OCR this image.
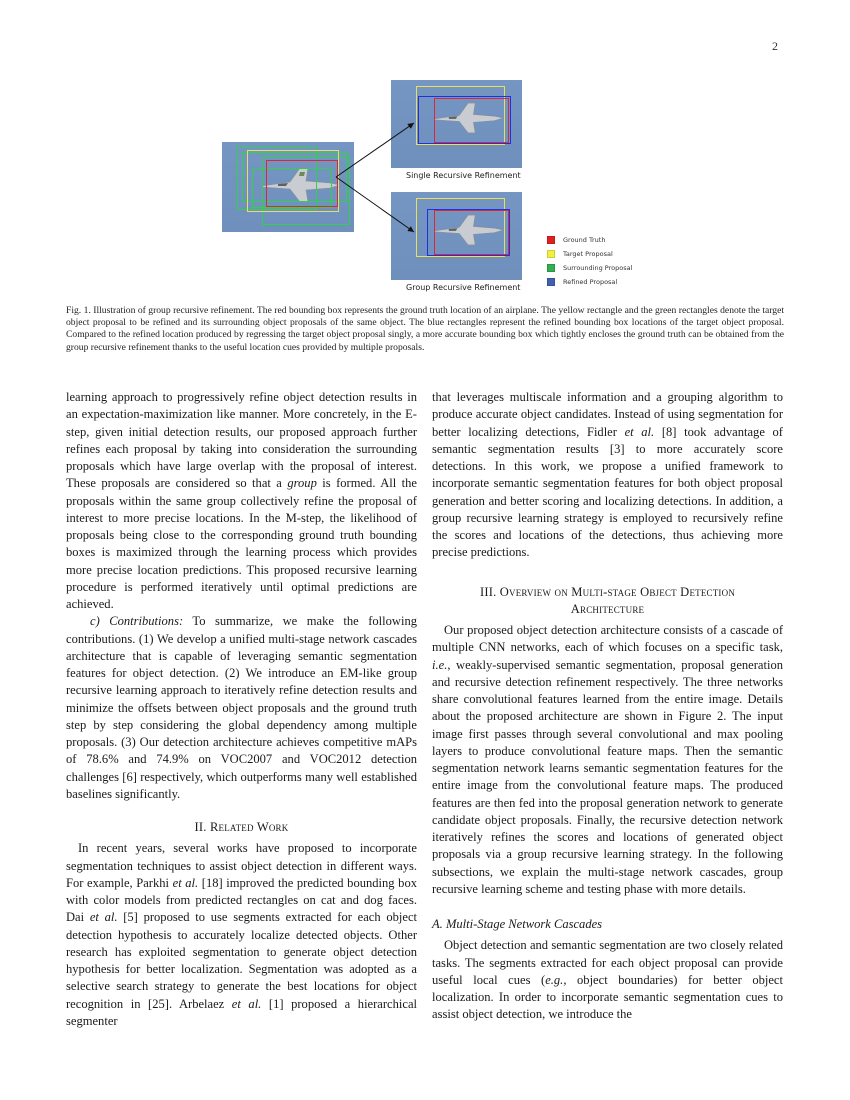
2
Single Recursive Refinement
Group Recursive Refinement
Ground Truth
Target Proposal
Surrounding Proposal
Refined Proposal
Fig. 1. Illustration of group recursive refinement. The red bounding box represents the ground truth location of an airplane. The yellow rectangle and the green rectangles denote the target object proposal to be refined and its surrounding object proposals of the same object. The blue rectangles represent the refined bounding box locations of the target object proposal. Compared to the refined location produced by regressing the target object proposal singly, a more accurate bounding box which tightly encloses the ground truth can be obtained from the group recursive refinement thanks to the useful location cues provided by multiple proposals.

learning approach to progressively refine object detection results in an expectation-maximization like manner. More concretely, in the E-step, given initial detection results, our proposed approach further refines each proposal by taking into consideration the surrounding proposals which have large overlap with the proposal of interest. These proposals are considered so that a group is formed. All the proposals within the same group collectively refine the proposal of interest to more precise locations. In the M-step, the likelihood of proposals being close to the corresponding ground truth bounding boxes is maximized through the learning process which provides more precise location predictions. This proposed recursive learning procedure is performed iteratively until optimal predictions are achieved.

c) Contributions: To summarize, we make the following contributions. (1) We develop a unified multi-stage network cascades architecture that is capable of leveraging semantic segmentation features for object detection. (2) We introduce an EM-like group recursive learning approach to iteratively refine detection results and minimize the offsets between object proposals and the ground truth step by step considering the global dependency among multiple proposals. (3) Our detection architecture achieves competitive mAPs of 78.6% and 74.9% on VOC2007 and VOC2012 detection challenges [6] respectively, which outperforms many well established baselines significantly.

II. Related Work

In recent years, several works have proposed to incorporate segmentation techniques to assist object detection in different ways. For example, Parkhi et al. [18] improved the predicted bounding box with color models from predicted rectangles on cat and dog faces. Dai et al. [5] proposed to use segments extracted for each object detection hypothesis to accurately localize detected objects. Other research has exploited segmentation to generate object detection hypothesis for better localization. Segmentation was adopted as a selective search strategy to generate the best locations for object recognition in [25]. Arbelaez et al. [1] proposed a hierarchical segmenter

that leverages multiscale information and a grouping algorithm to produce accurate object candidates. Instead of using segmentation for better localizing detections, Fidler et al. [8] took advantage of semantic segmentation results [3] to more accurately score detections. In this work, we propose a unified framework to incorporate semantic segmentation features for both object proposal generation and better scoring and localizing detections. In addition, a group recursive learning strategy is employed to recursively refine the scores and locations of the detections, thus achieving more precise predictions.

III. Overview on Multi-stage Object Detection Architecture

Our proposed object detection architecture consists of a cascade of multiple CNN networks, each of which focuses on a specific task, i.e., weakly-supervised semantic segmentation, proposal generation and recursive detection refinement respectively. The three networks share convolutional features learned from the entire image. Details about the proposed architecture are shown in Figure 2. The input image first passes through several convolutional and max pooling layers to produce convolutional feature maps. Then the semantic segmentation network learns semantic segmentation features for the entire image from the convolutional feature maps. The produced features are then fed into the proposal generation network to generate candidate object proposals. Finally, the recursive detection network iteratively refines the scores and locations of generated object proposals via a group recursive learning strategy. In the following subsections, we explain the multi-stage network cascades, group recursive learning scheme and testing phase with more details.

A. Multi-Stage Network Cascades

Object detection and semantic segmentation are two closely related tasks. The segments extracted for each object proposal can provide useful local cues (e.g., object boundaries) for better object localization. In order to incorporate semantic segmentation cues to assist object detection, we introduce the
